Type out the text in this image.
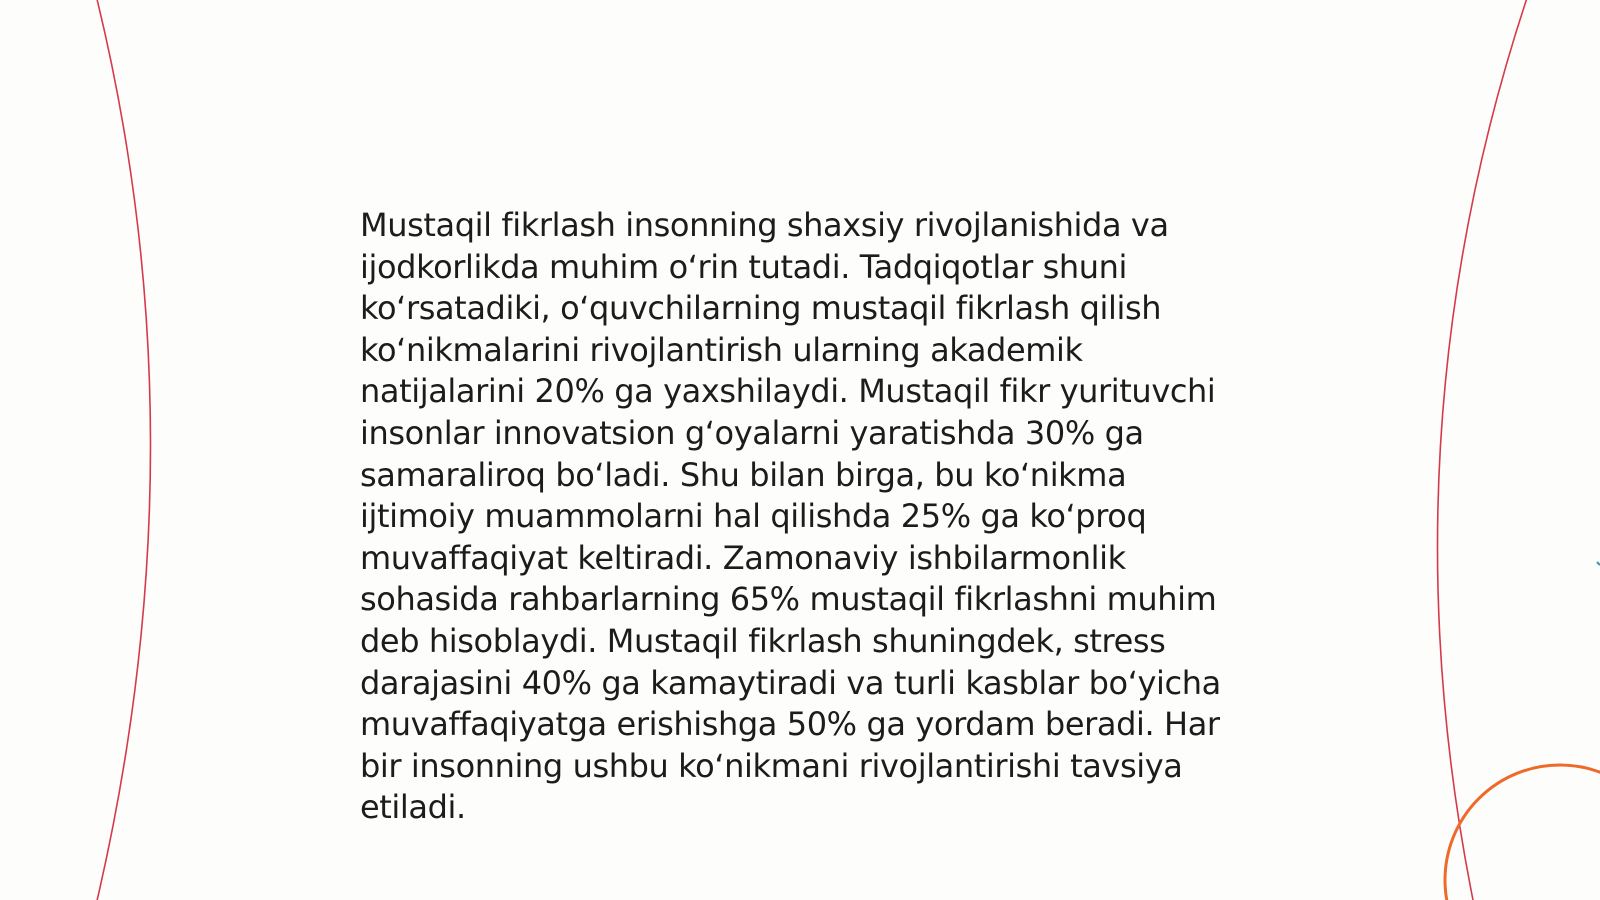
Mustaqil fikrlash insonning shaxsiy rivojlanishida va ijodkorlikda muhim oʻrin tutadi. Tadqiqotlar shuni koʻrsatadiki, oʻquvchilarning mustaqil fikrlash qilish koʻnikmalarini rivojlantirish ularning akademik natijalarini 20% ga yaxshilaydi. Mustaqil fikr yurituvchi insonlar innovatsion gʻoyalarni yaratishda 30% ga samaraliroq boʻladi. Shu bilan birga, bu koʻnikma ijtimoiy muammolarni hal qilishda 25% ga koʻproq muvaffaqiyat keltiradi. Zamonaviy ishbilarmonlik sohasida rahbarlarning 65% mustaqil fikrlashni muhim deb hisoblaydi. Mustaqil fikrlash shuningdek, stress darajasini 40% ga kamaytiradi va turli kasblar boʻyicha muvaffaqiyatga erishishga 50% ga yordam beradi. Har bir insonning ushbu koʻnikmani rivojlantirishi tavsiya etiladi.
